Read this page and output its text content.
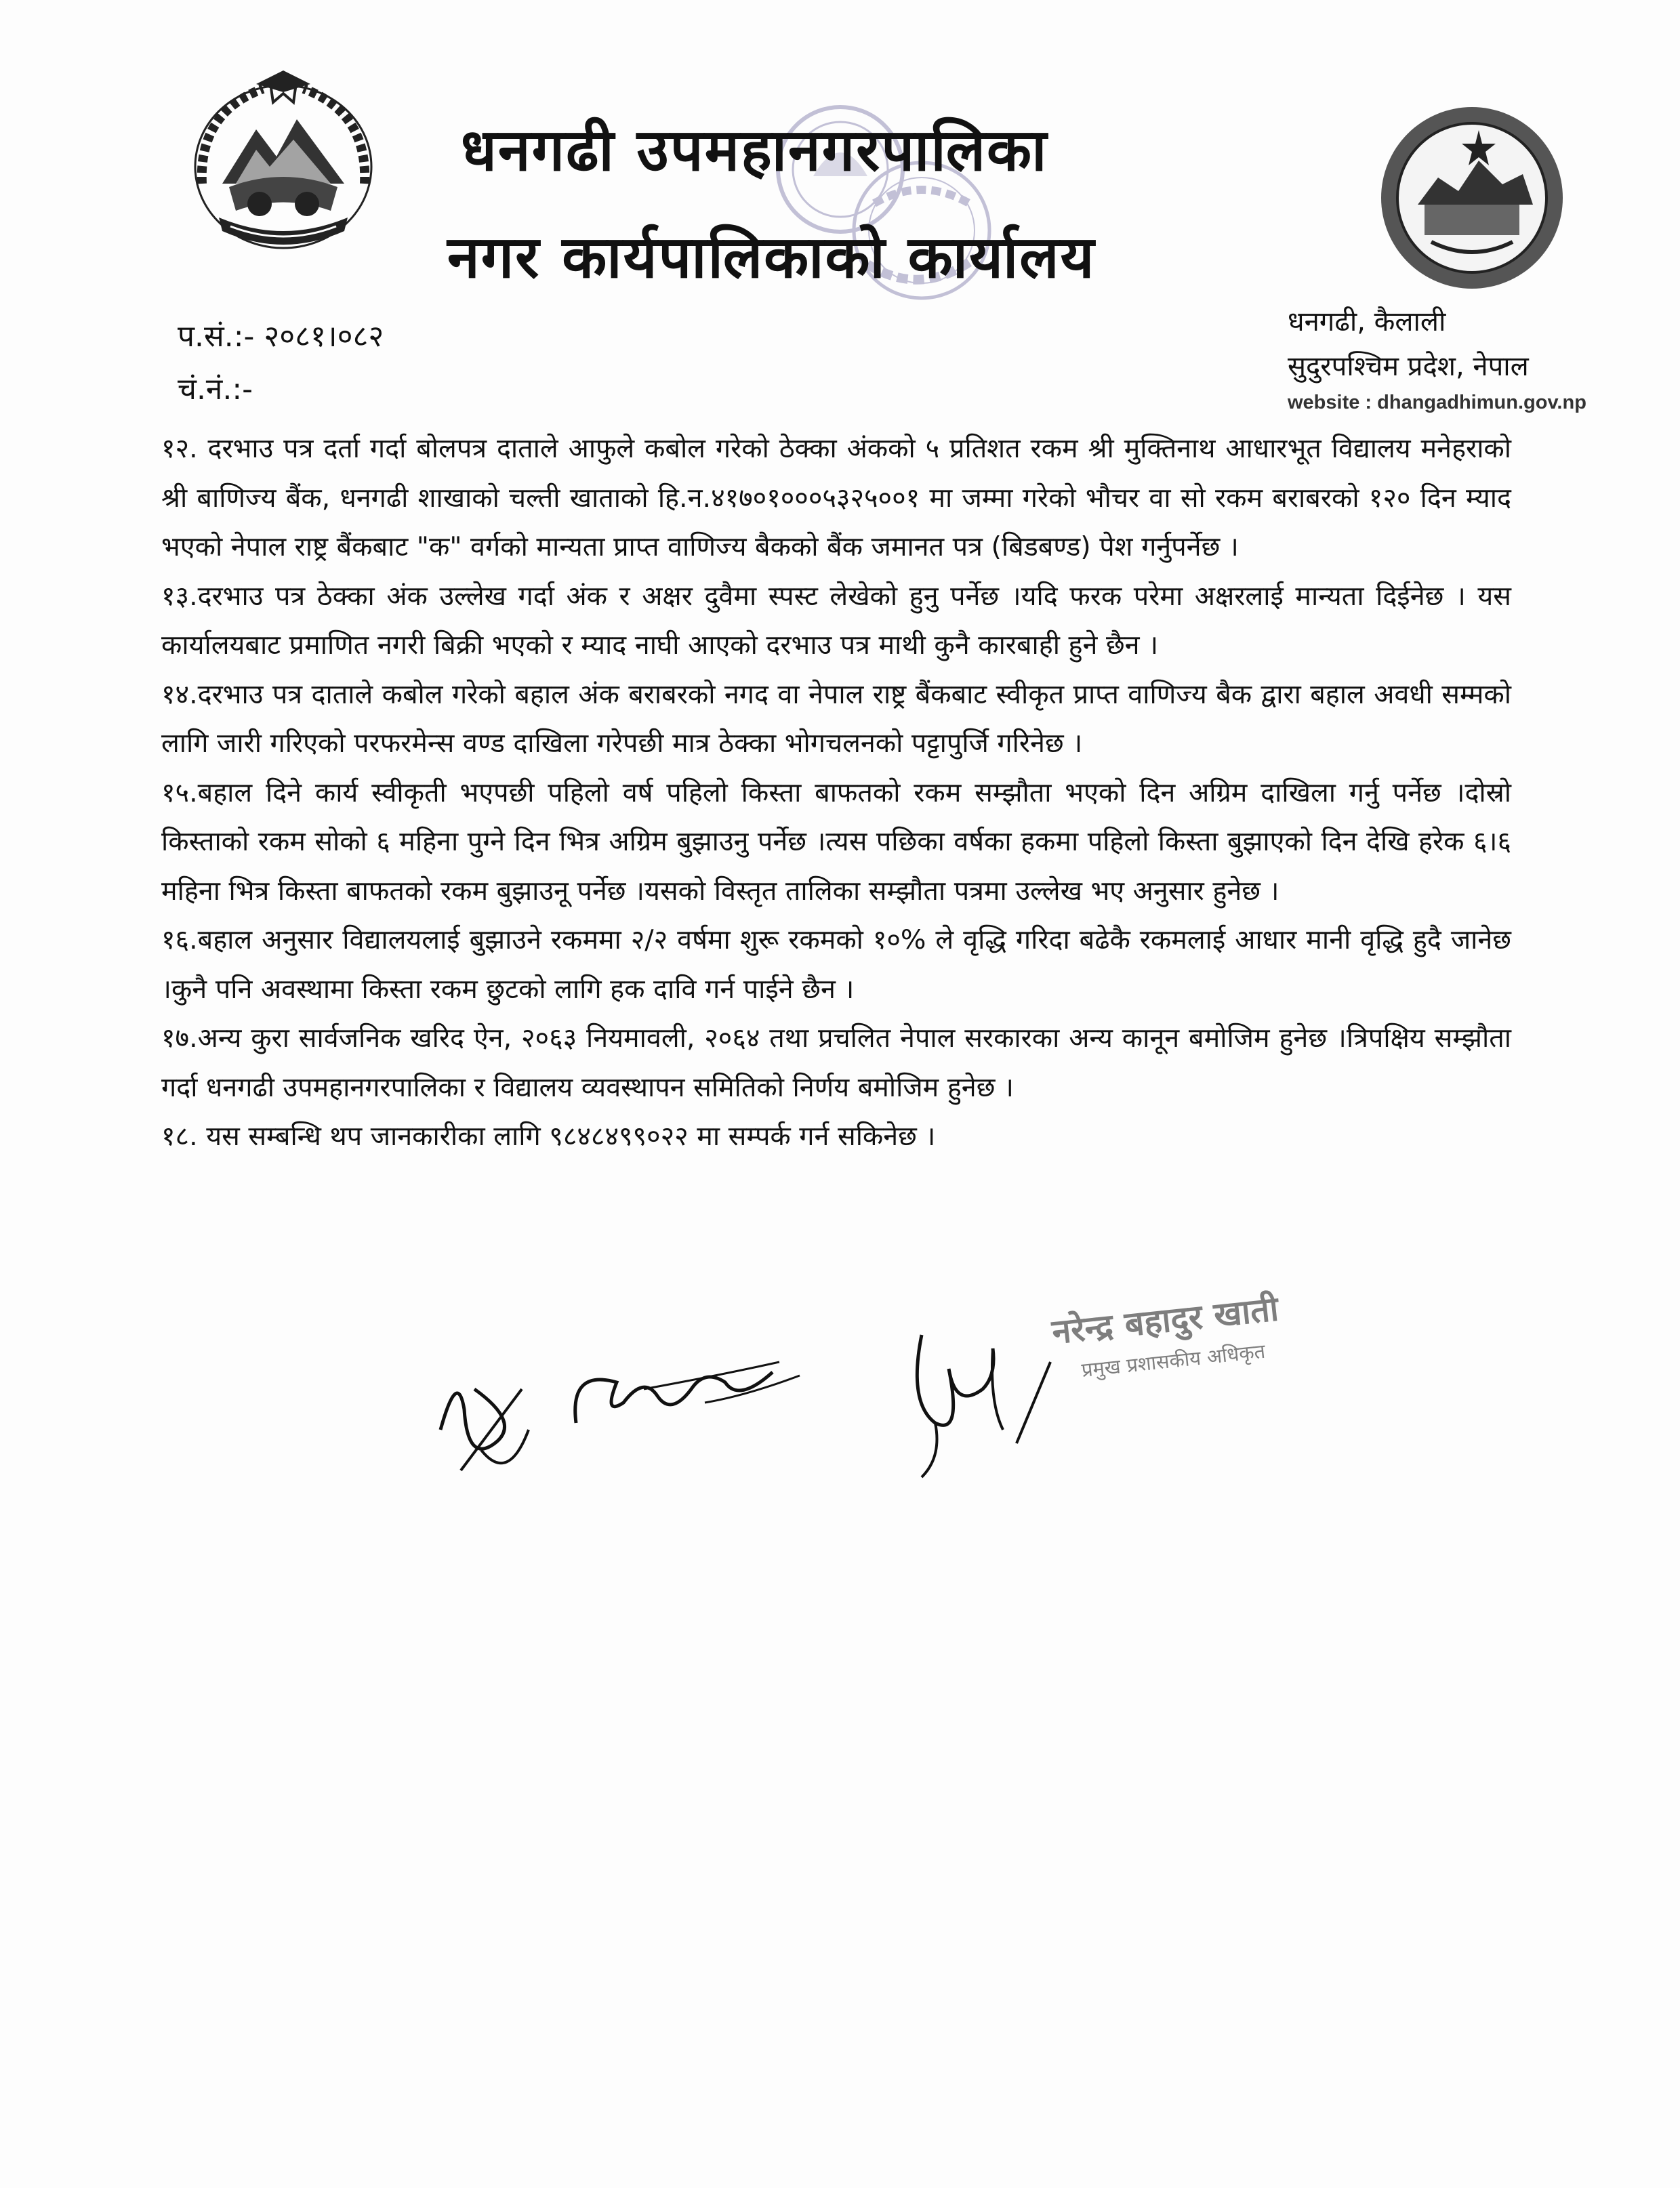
धनगढी उपमहानगरपालिका
नगर कार्यपालिकाको कार्यालय
धनगढी, कैलाली
सुदुरपश्चिम प्रदेश, नेपाल
website : dhangadhimun.gov.np
प.सं.:- २०८१।०८२
चं.नं.:-

१२. दरभाउ पत्र दर्ता गर्दा बोलपत्र दाताले आफुले कबोल गरेको ठेक्का अंकको ५ प्रतिशत रकम श्री मुक्तिनाथ आधारभूत विद्यालय मनेहराको श्री बाणिज्य बैंक, धनगढी शाखाको चल्ती खाताको हि.न.४१७०१०००५३२५००१ मा जम्मा गरेको भौचर वा सो रकम बराबरको १२० दिन म्याद भएको नेपाल राष्ट्र बैंकबाट "क" वर्गको मान्यता प्राप्त वाणिज्य बैकको बैंक जमानत पत्र (बिडबण्ड) पेश गर्नुपर्नेछ ।

१३.दरभाउ पत्र ठेक्का अंक उल्लेख गर्दा अंक र अक्षर दुवैमा स्पस्ट लेखेको हुनु पर्नेछ ।यदि फरक परेमा अक्षरलाई मान्यता दिईनेछ । यस कार्यालयबाट प्रमाणित नगरी बिक्री भएको र म्याद नाघी आएको दरभाउ पत्र माथी कुनै कारबाही हुने छैन ।

१४.दरभाउ पत्र दाताले कबोल गरेको बहाल अंक बराबरको नगद वा नेपाल राष्ट्र बैंकबाट स्वीकृत प्राप्त वाणिज्य बैक द्वारा बहाल अवधी सम्मको लागि जारी गरिएको परफरमेन्स वण्ड दाखिला गरेपछी मात्र ठेक्का भोगचलनको पट्टापुर्जि गरिनेछ ।

१५.बहाल दिने कार्य स्वीकृती भएपछी पहिलो वर्ष पहिलो किस्ता बाफतको रकम सम्झौता भएको दिन अग्रिम दाखिला गर्नु पर्नेछ ।दोस्रो किस्ताको रकम सोको ६ महिना पुग्ने दिन भित्र अग्रिम बुझाउनु पर्नेछ ।त्यस पछिका वर्षका हकमा पहिलो किस्ता बुझाएको दिन देखि हरेक ६।६ महिना भित्र किस्ता बाफतको रकम बुझाउनू पर्नेछ ।यसको विस्तृत तालिका सम्झौता पत्रमा उल्लेख भए अनुसार हुनेछ ।

१६.बहाल अनुसार विद्यालयलाई बुझाउने रकममा २/२ वर्षमा शुरू रकमको १०% ले वृद्धि गरिदा बढेकै रकमलाई आधार मानी वृद्धि हुदै जानेछ ।कुनै पनि अवस्थामा किस्ता रकम छुटको लागि हक दावि गर्न पाईने छैन ।

१७.अन्य कुरा सार्वजनिक खरिद ऐन, २०६३ नियमावली, २०६४ तथा प्रचलित नेपाल सरकारका अन्य कानून बमोजिम हुनेछ ।त्रिपक्षिय सम्झौता गर्दा धनगढी उपमहानगरपालिका र विद्यालय व्यवस्थापन समितिको निर्णय बमोजिम हुनेछ ।

१८. यस सम्बन्धि थप जानकारीका लागि ९८४८४९९०२२ मा सम्पर्क गर्न सकिनेछ ।

नरेन्द्र बहादुर खाती
प्रमुख प्रशासकीय अधिकृत
